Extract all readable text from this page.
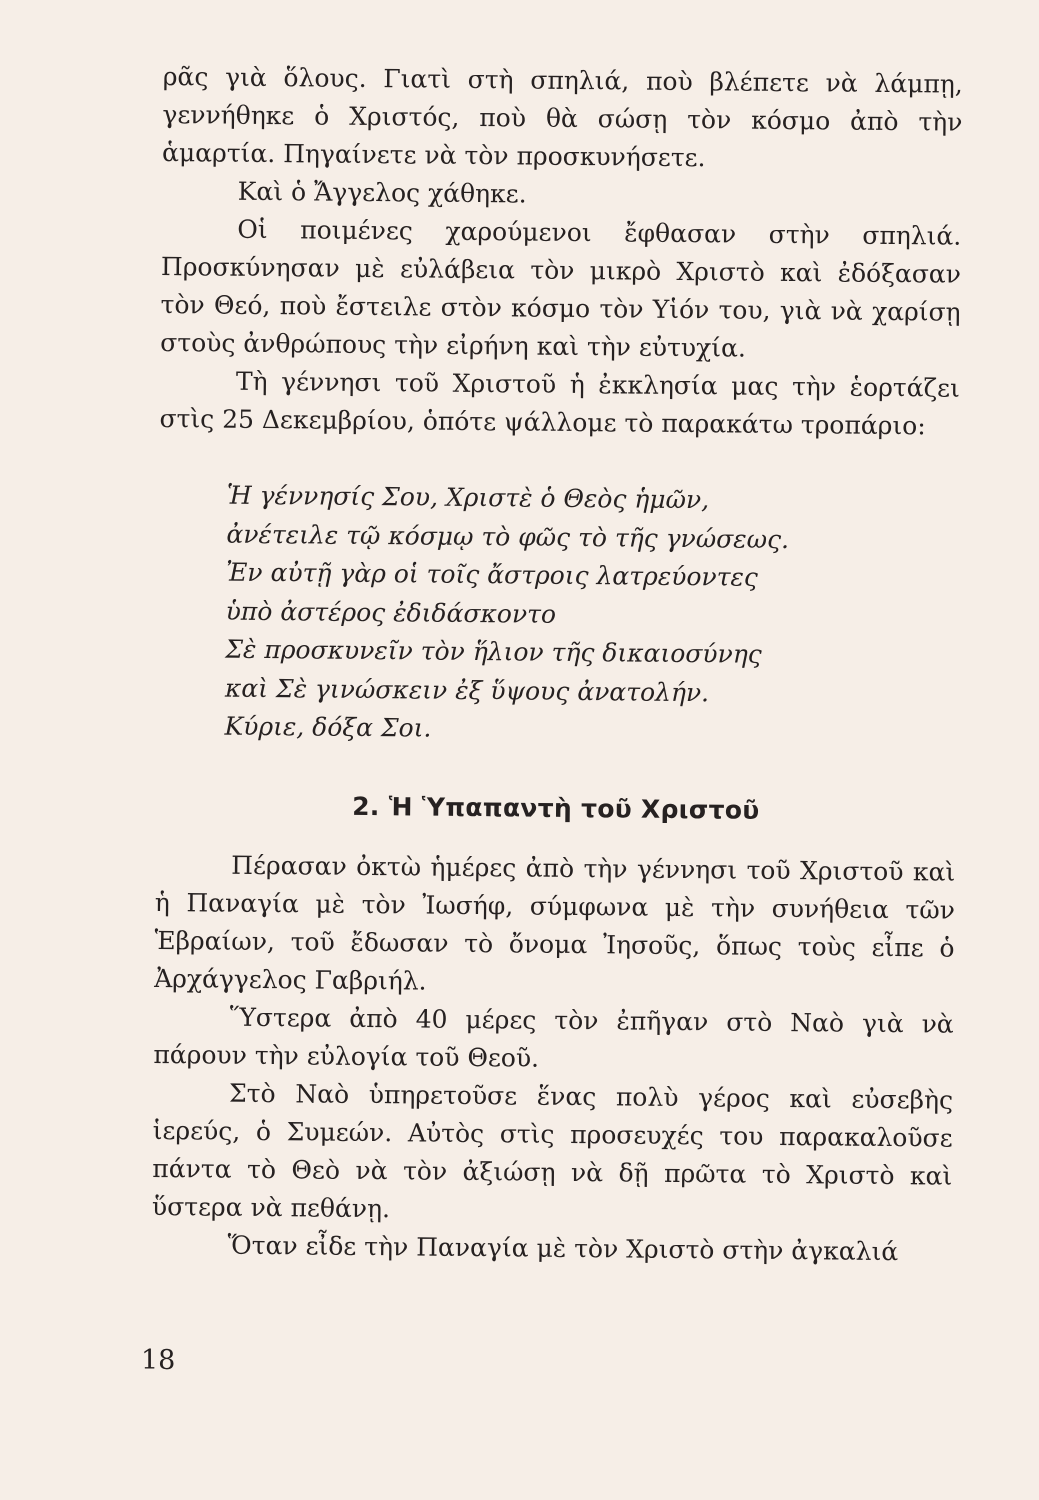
ρᾶς γιὰ ὅλους. Γιατὶ στὴ σπηλιά, ποὺ βλέπετε νὰ λάμπῃ, γεννήθηκε ὁ Χριστός, ποὺ θὰ σώσῃ τὸν κόσμο ἀπὸ τὴν ἁμαρτία. Πηγαίνετε νὰ τὸν προσκυνήσετε.

Καὶ ὁ Ἄγγελος χάθηκε.

Οἱ ποιμένες χαρούμενοι ἔφθασαν στὴν σπηλιά. Προσκύνησαν μὲ εὐλάβεια τὸν μικρὸ Χριστὸ καὶ ἐδόξασαν τὸν Θεό, ποὺ ἔστειλε στὸν κόσμο τὸν Υἱόν του, γιὰ νὰ χαρίσῃ στοὺς ἀνθρώπους τὴν εἰρήνη καὶ τὴν εὐτυχία.

Τὴ γέννησι τοῦ Χριστοῦ ἡ ἐκκλησία μας τὴν ἑορτάζει στὶς 25 Δεκεμβρίου, ὁπότε ψάλλομε τὸ παρακάτω τροπάριο:

Ἡ γέννησίς Σου, Χριστὲ ὁ Θεὸς ἡμῶν,
ἀνέτειλε τῷ κόσμῳ τὸ φῶς τὸ τῆς γνώσεως.
Ἐν αὐτῇ γὰρ οἱ τοῖς ἄστροις λατρεύοντες
ὑπὸ ἀστέρος ἐδιδάσκοντο
Σὲ προσκυνεῖν τὸν ἥλιον τῆς δικαιοσύνης
καὶ Σὲ γινώσκειν ἐξ ὕψους ἀνατολήν.
Κύριε, δόξα Σοι.
2. Ἡ Ὑπαπαντὴ τοῦ Χριστοῦ

Πέρασαν ὀκτὼ ἡμέρες ἀπὸ τὴν γέννησι τοῦ Χριστοῦ καὶ ἡ Παναγία μὲ τὸν Ἰωσήφ, σύμφωνα μὲ τὴν συνήθεια τῶν Ἑβραίων, τοῦ ἔδωσαν τὸ ὄνομα Ἰησοῦς, ὅπως τοὺς εἶπε ὁ Ἀρχάγγελος Γαβριήλ.

Ὕστερα ἀπὸ 40 μέρες τὸν ἐπῆγαν στὸ Ναὸ γιὰ νὰ πάρουν τὴν εὐλογία τοῦ Θεοῦ.

Στὸ Ναὸ ὑπηρετοῦσε ἕνας πολὺ γέρος καὶ εὐσεβὴς ἱερεύς, ὁ Συμεών. Αὐτὸς στὶς προσευχές του παρακαλοῦσε πάντα τὸ Θεὸ νὰ τὸν ἀξιώσῃ νὰ δῇ πρῶτα τὸ Χριστὸ καὶ ὕστερα νὰ πεθάνῃ.

Ὅταν εἶδε τὴν Παναγία μὲ τὸν Χριστὸ στὴν ἀγκαλιά

18
